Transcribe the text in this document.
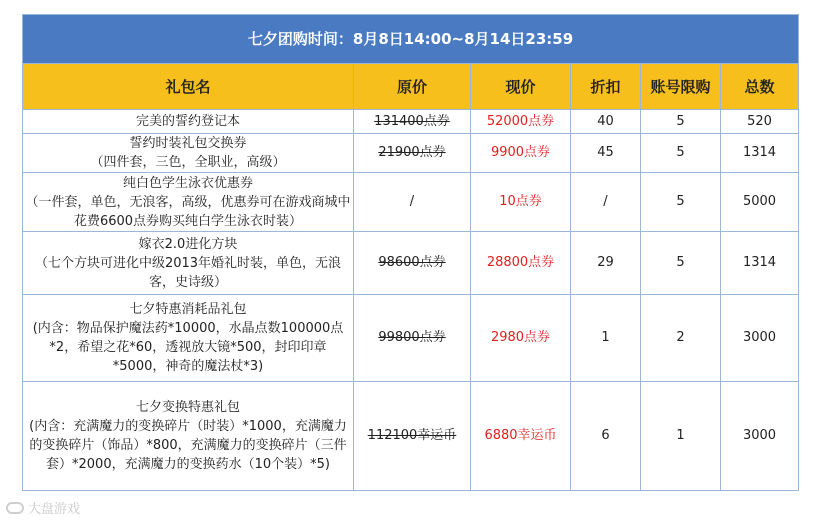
七夕团购时间：8月8日14:00~8月14日23:59					
礼包名	原价	现价	折扣	账号限购	总数
完美的誓约登记本	131400点券	52000点券	40	5	520
誓约时装礼包交换券
（四件套，三色，全职业，高级）	21900点券	9900点券	45	5	1314
纯白色学生泳衣优惠券
（一件套，单色，无浪客，高级，优惠券可在游戏商城中花费6600点券购买纯白学生泳衣时装）	/	10点券	/	5	5000
嫁衣2.0进化方块
（七个方块可进化中级2013年婚礼时装，单色，无浪客，史诗级）	98600点券	28800点券	29	5	1314
七夕特惠消耗品礼包
(内含：物品保护魔法药*10000，水晶点数100000点*2，希望之花*60，透视放大镜*500，封印印章*5000，神奇的魔法杖*3)	99800点券	2980点券	1	2	3000
七夕变换特惠礼包
(内含：充满魔力的变换碎片（时装）*1000，充满魔力的变换碎片（饰品）*800，充满魔力的变换碎片（三件套）*2000，充满魔力的变换药水（10个装）*5)	112100幸运币	6880幸运币	6	1	3000
大盘游戏
